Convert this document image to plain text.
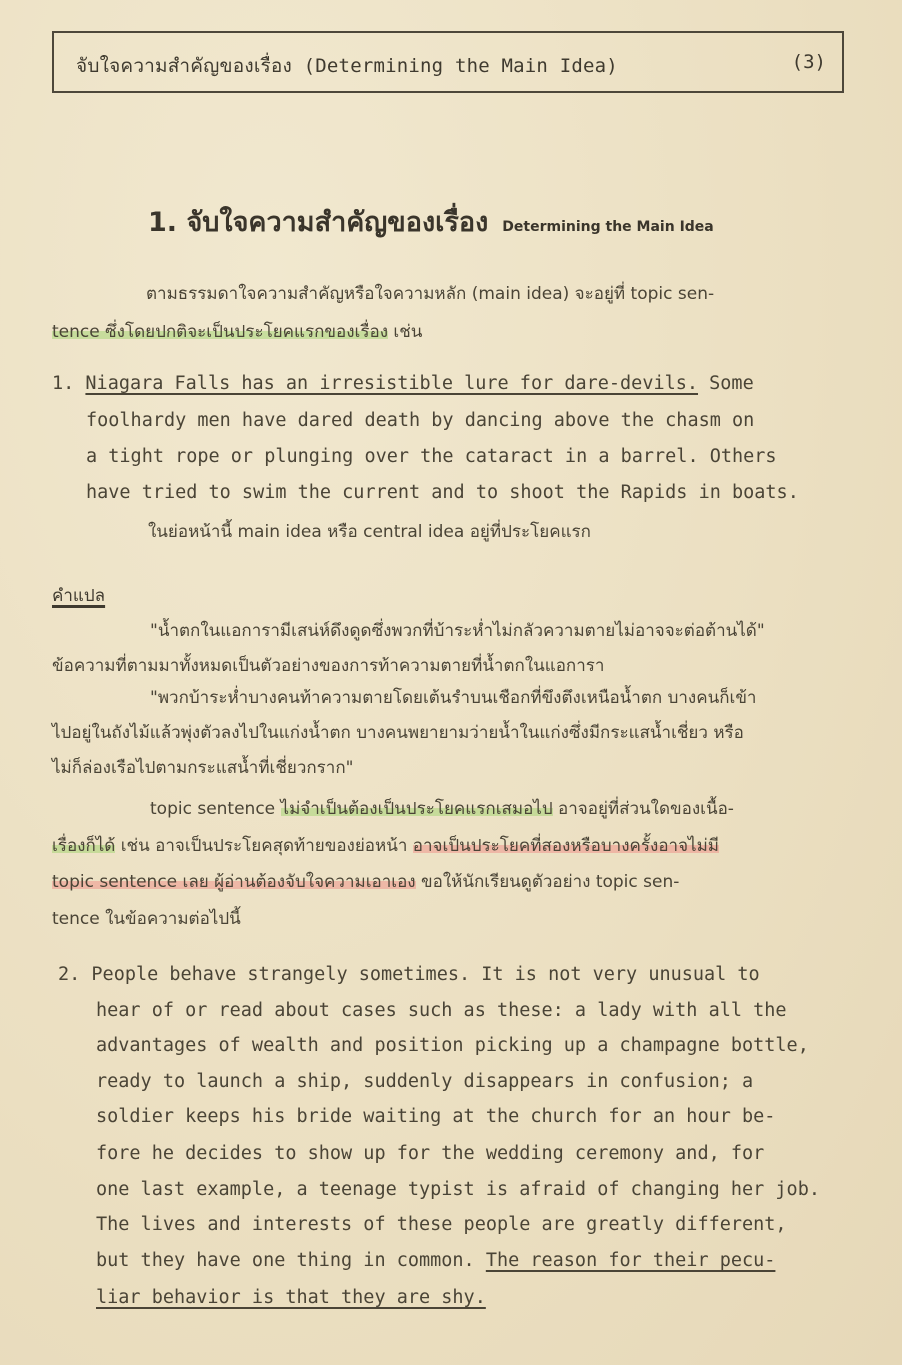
จับใจความสำคัญของเรื่อง (Determining the Main Idea)	(3)
1. จับใจความสำคัญของเรื่อง Determining the Main Idea
ตามธรรมดาใจความสำคัญหรือใจความหลัก (main idea) จะอยู่ที่ topic sen-
tence ซึ่งโดยปกติจะเป็นประโยคแรกของเรื่อง เช่น
1. Niagara Falls has an irresistible lure for dare-devils. Some
foolhardy men have dared death by dancing above the chasm on
a tight rope or plunging over the cataract in a barrel. Others
have tried to swim the current and to shoot the Rapids in boats.
ในย่อหน้านี้ main idea หรือ central idea อยู่ที่ประโยคแรก
คำแปล
"น้ำตกในแอการามีเสน่ห์ดึงดูดซึ่งพวกที่บ้าระห่ำไม่กลัวความตายไม่อาจจะต่อต้านได้"
ข้อความที่ตามมาทั้งหมดเป็นตัวอย่างของการท้าความตายที่น้ำตกในแอการา
"พวกบ้าระห่ำบางคนท้าความตายโดยเต้นรำบนเชือกที่ขึงตึงเหนือน้ำตก บางคนก็เข้า
ไปอยู่ในถังไม้แล้วพุ่งตัวลงไปในแก่งน้ำตก บางคนพยายามว่ายน้ำในแก่งซึ่งมีกระแสน้ำเชี่ยว หรือ
ไม่ก็ล่องเรือไปตามกระแสน้ำที่เชี่ยวกราก"
topic sentence ไม่จำเป็นต้องเป็นประโยคแรกเสมอไป อาจอยู่ที่ส่วนใดของเนื้อ-
เรื่องก็ได้ เช่น อาจเป็นประโยคสุดท้ายของย่อหน้า อาจเป็นประโยคที่สองหรือบางครั้งอาจไม่มี
topic sentence เลย ผู้อ่านต้องจับใจความเอาเอง ขอให้นักเรียนดูตัวอย่าง topic sen-
tence ในข้อความต่อไปนี้
2. People behave strangely sometimes. It is not very unusual to
hear of or read about cases such as these: a lady with all the
advantages of wealth and position picking up a champagne bottle,
ready to launch a ship, suddenly disappears in confusion; a
soldier keeps his bride waiting at the church for an hour be-
fore he decides to show up for the wedding ceremony and, for
one last example, a teenage typist is afraid of changing her job.
The lives and interests of these people are greatly different,
but they have one thing in common. The reason for their pecu-
liar behavior is that they are shy.
